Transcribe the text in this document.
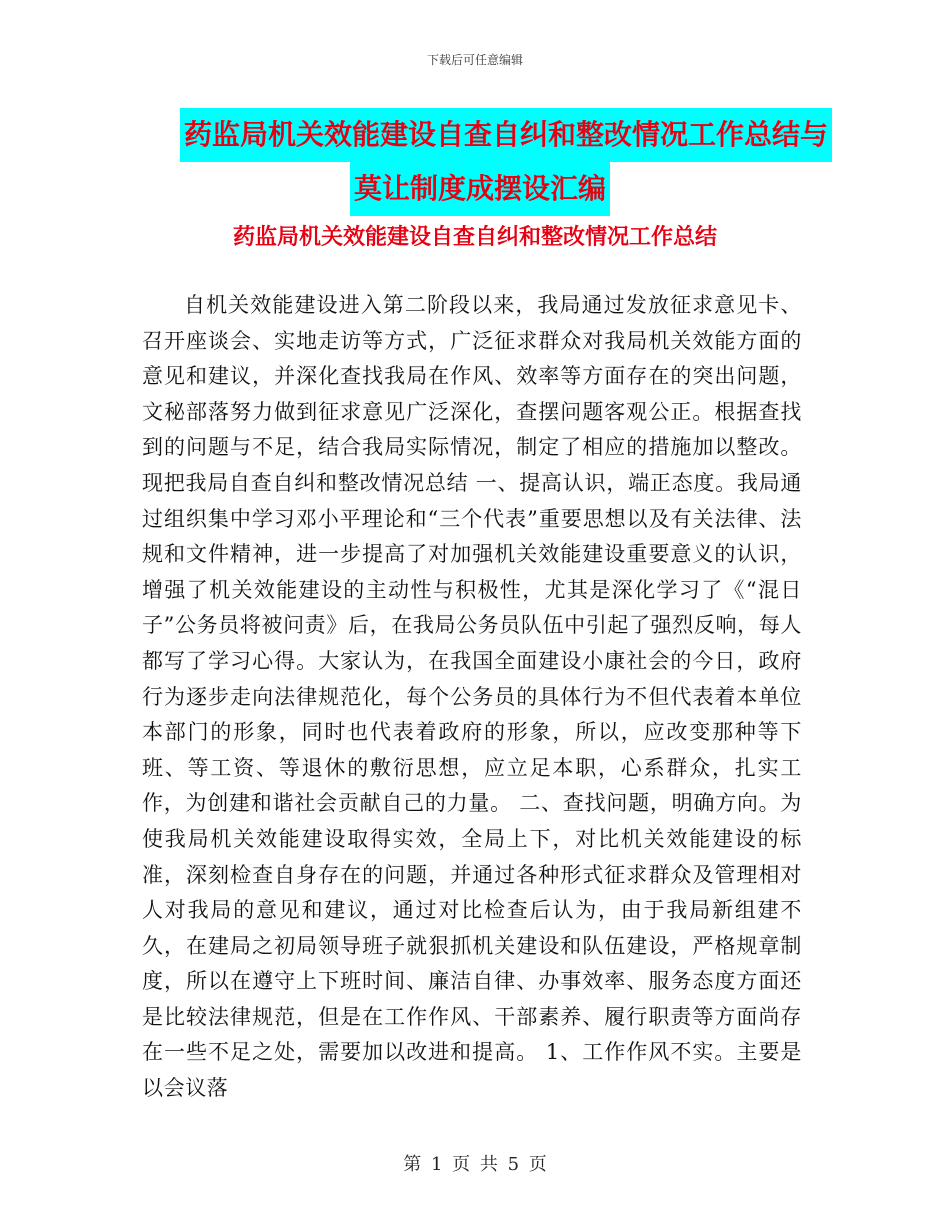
下载后可任意编辑
药监局机关效能建设自查自纠和整改情况工作总结与
莫让制度成摆设汇编
药监局机关效能建设自查自纠和整改情况工作总结

自机关效能建设进入第二阶段以来，我局通过发放征求意见卡、召开座谈会、实地走访等方式，广泛征求群众对我局机关效能方面的意见和建议，并深化查找我局在作风、效率等方面存在的突出问题，文秘部落努力做到征求意见广泛深化，查摆问题客观公正。根据查找到的问题与不足，结合我局实际情况，制定了相应的措施加以整改。现把我局自查自纠和整改情况总结 一、提高认识，端正态度。我局通过组织集中学习邓小平理论和“三个代表”重要思想以及有关法律、法规和文件精神，进一步提高了对加强机关效能建设重要意义的认识，增强了机关效能建设的主动性与积极性，尤其是深化学习了《“混日子”公务员将被问责》后，在我局公务员队伍中引起了强烈反响，每人都写了学习心得。大家认为，在我国全面建设小康社会的今日，政府行为逐步走向法律规范化，每个公务员的具体行为不但代表着本单位本部门的形象，同时也代表着政府的形象，所以，应改变那种等下班、等工资、等退休的敷衍思想，应立足本职，心系群众，扎实工作，为创建和谐社会贡献自己的力量。 二、查找问题，明确方向。为使我局机关效能建设取得实效，全局上下，对比机关效能建设的标准，深刻检查自身存在的问题，并通过各种形式征求群众及管理相对人对我局的意见和建议，通过对比检查后认为，由于我局新组建不久，在建局之初局领导班子就狠抓机关建设和队伍建设，严格规章制度，所以在遵守上下班时间、廉洁自律、办事效率、服务态度方面还是比较法律规范，但是在工作作风、干部素养、履行职责等方面尚存在一些不足之处，需要加以改进和提高。 1、工作作风不实。主要是以会议落

第 1 页 共 5 页
